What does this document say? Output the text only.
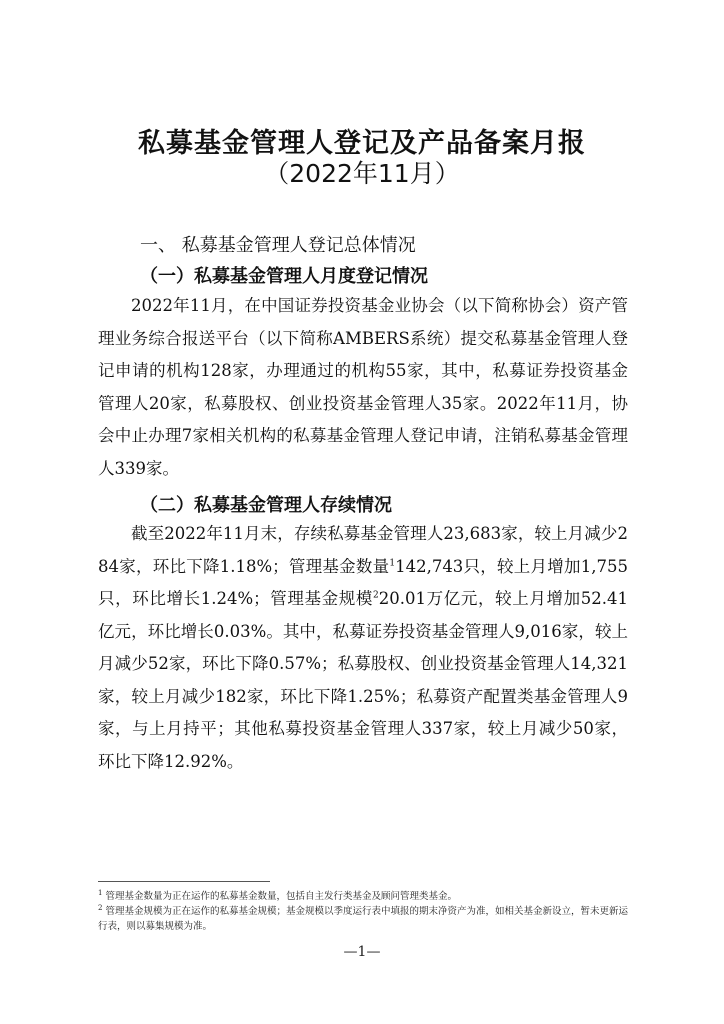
私募基金管理人登记及产品备案月报
（2022年11月）
一、 私募基金管理人登记总体情况
（一）私募基金管理人月度登记情况
2022年11月，在中国证券投资基金业协会（以下简称协会）资产管理业务综合报送平台（以下简称AMBERS系统）提交私募基金管理人登记申请的机构128家，办理通过的机构55家，其中，私募证券投资基金管理人20家，私募股权、创业投资基金管理人35家。2022年11月，协会中止办理7家相关机构的私募基金管理人登记申请，注销私募基金管理人339家。
（二）私募基金管理人存续情况
截至2022年11月末，存续私募基金管理人23,683家，较上月减少284家，环比下降1.18%；管理基金数量$^1$142,743只，较上月增加1,755只，环比增长1.24%；管理基金规模$^2$20.01万亿元，较上月增加52.41亿元，环比增长0.03%。其中，私募证券投资基金管理人9,016家，较上月减少52家，环比下降0.57%；私募股权、创业投资基金管理人14,321家，较上月减少182家，环比下降1.25%；私募资产配置类基金管理人9家，与上月持平；其他私募投资基金管理人337家，较上月减少50家，环比下降12.92%。
$^1$ 管理基金数量为正在运作的私募基金数量，包括自主发行类基金及顾问管理类基金。
$^2$ 管理基金规模为正在运作的私募基金规模；基金规模以季度运行表中填报的期末净资产为准，如相关基金新设立，暂未更新运行表，则以募集规模为准。
—1—
